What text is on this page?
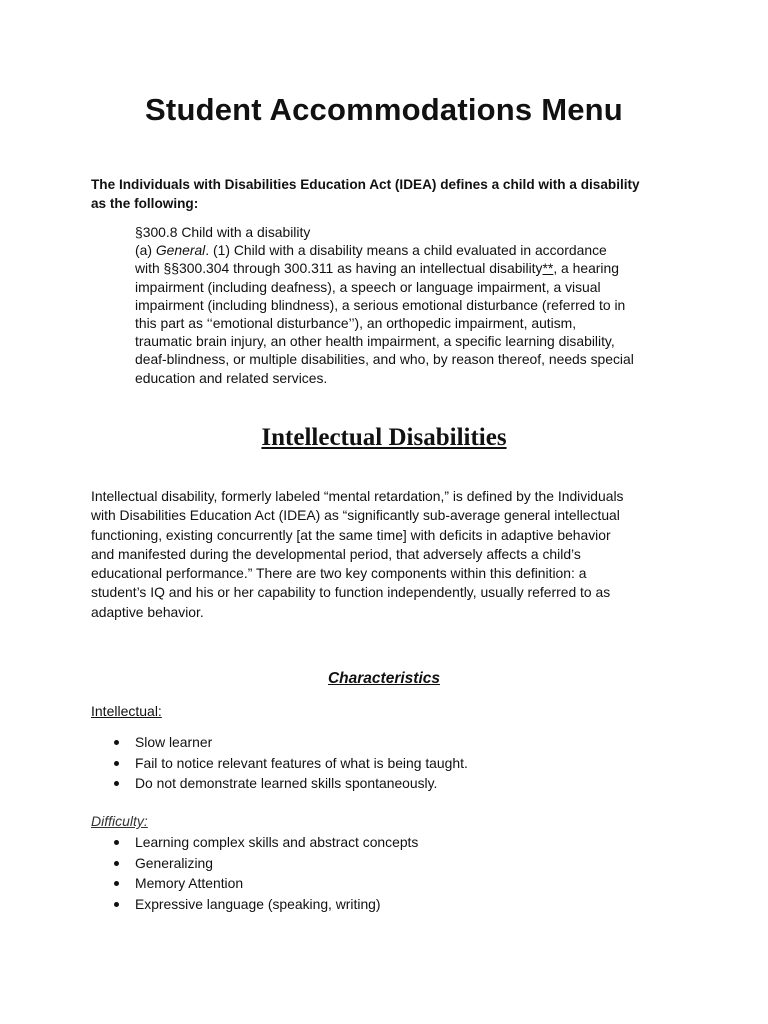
Student Accommodations Menu

The Individuals with Disabilities Education Act (IDEA) defines a child with a disability as the following:

§300.8 Child with a disability
(a) General. (1) Child with a disability means a child evaluated in accordance
with §§300.304 through 300.311 as having an intellectual disability**, a hearing
impairment (including deafness), a speech or language impairment, a visual
impairment (including blindness), a serious emotional disturbance (referred to in
this part as ‘‘emotional disturbance’’), an orthopedic impairment, autism,
traumatic brain injury, an other health impairment, a specific learning disability,
deaf-blindness, or multiple disabilities, and who, by reason thereof, needs special
education and related services.

Intellectual Disabilities

Intellectual disability, formerly labeled “mental retardation,” is defined by the Individuals
with Disabilities Education Act (IDEA) as “significantly sub-average general intellectual
functioning, existing concurrently [at the same time] with deficits in adaptive behavior
and manifested during the developmental period, that adversely affects a child’s
educational performance.” There are two key components within this definition: a
student’s IQ and his or her capability to function independently, usually referred to as
adaptive behavior.

Characteristics

Intellectual:

Slow learner
Fail to notice relevant features of what is being taught.
Do not demonstrate learned skills spontaneously.

Difficulty:

Learning complex skills and abstract concepts
Generalizing
Memory Attention
Expressive language (speaking, writing)
